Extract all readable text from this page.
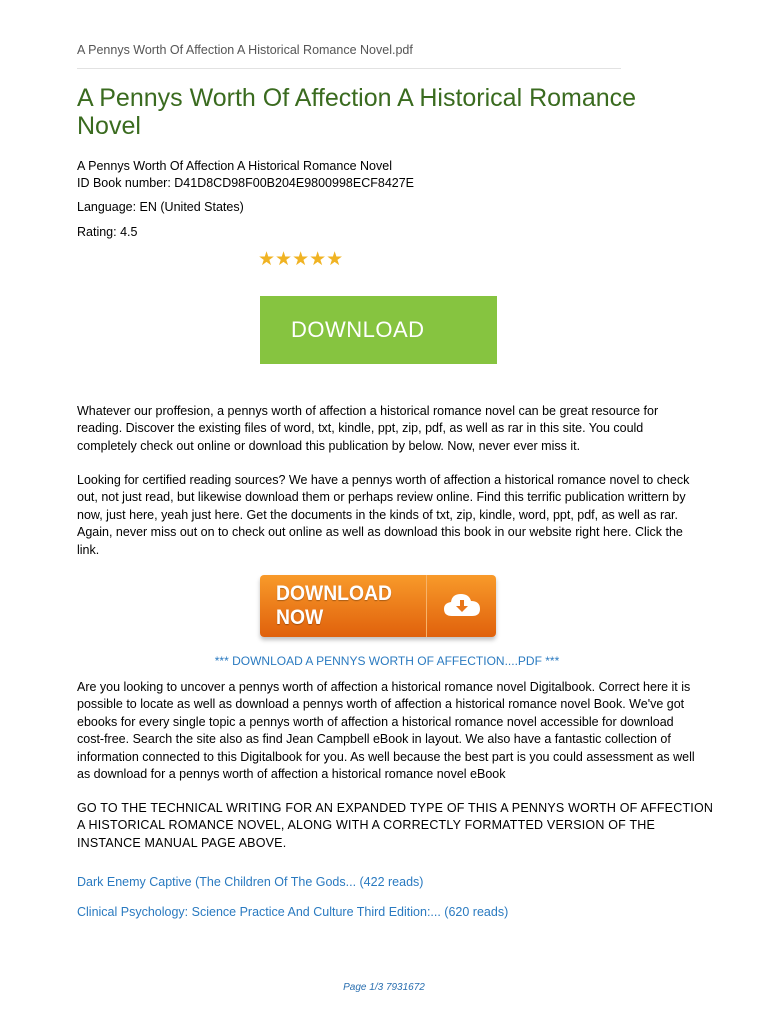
A Pennys Worth Of Affection A Historical Romance Novel.pdf
A Pennys Worth Of Affection A Historical Romance Novel
A Pennys Worth Of Affection A Historical Romance Novel
ID Book number: D41D8CD98F00B204E9800998ECF8427E
Language: EN (United States)
Rating: 4.5
★★★★★
DOWNLOAD
Whatever our proffesion, a pennys worth of affection a historical romance novel can be great resource for reading. Discover the existing files of word, txt, kindle, ppt, zip, pdf, as well as rar in this site. You could completely check out online or download this publication by below. Now, never ever miss it.
Looking for certified reading sources? We have a pennys worth of affection a historical romance novel to check out, not just read, but likewise download them or perhaps review online. Find this terrific publication writtern by now, just here, yeah just here. Get the documents in the kinds of txt, zip, kindle, word, ppt, pdf, as well as rar. Again, never miss out on to check out online as well as download this book in our website right here. Click the link.
DOWNLOAD NOW
*** DOWNLOAD A PENNYS WORTH OF AFFECTION....PDF ***
Are you looking to uncover a pennys worth of affection a historical romance novel Digitalbook. Correct here it is possible to locate as well as download a pennys worth of affection a historical romance novel Book. We've got ebooks for every single topic a pennys worth of affection a historical romance novel accessible for download cost-free. Search the site also as find Jean Campbell eBook in layout. We also have a fantastic collection of information connected to this Digitalbook for you. As well because the best part is you could assessment as well as download for a pennys worth of affection a historical romance novel eBook
GO TO THE TECHNICAL WRITING FOR AN EXPANDED TYPE OF THIS A PENNYS WORTH OF AFFECTION A HISTORICAL ROMANCE NOVEL, ALONG WITH A CORRECTLY FORMATTED VERSION OF THE INSTANCE MANUAL PAGE ABOVE.
Dark Enemy Captive (The Children Of The Gods... (422 reads)
Clinical Psychology: Science Practice And Culture Third Edition:... (620 reads)
Page 1/3 7931672
